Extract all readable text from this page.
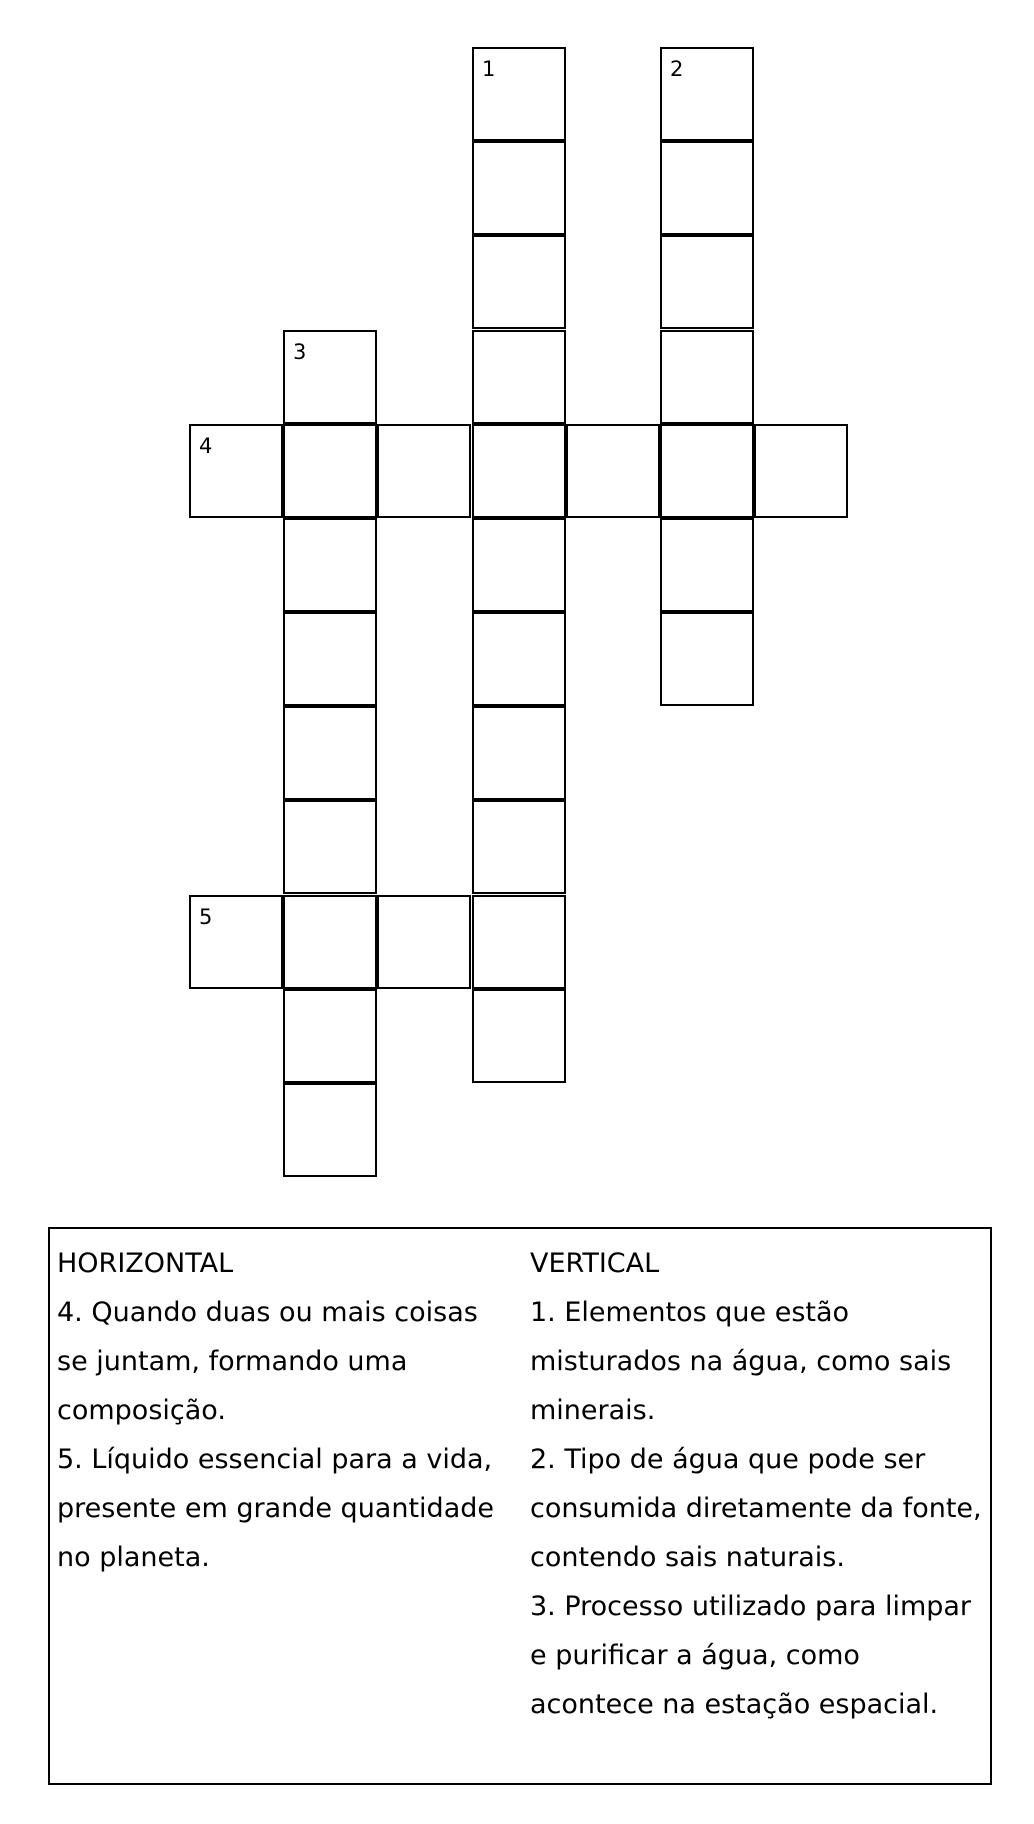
1	2
3
4
5

HORIZONTAL

4. Quando duas ou mais coisas se juntam, formando uma composição.

5. Líquido essencial para a vida, presente em grande quantidade no planeta.

VERTICAL

1. Elementos que estão misturados na água, como sais minerais.

2. Tipo de água que pode ser consumida diretamente da fonte, contendo sais naturais.

3. Processo utilizado para limpar e purificar a água, como acontece na estação espacial.
